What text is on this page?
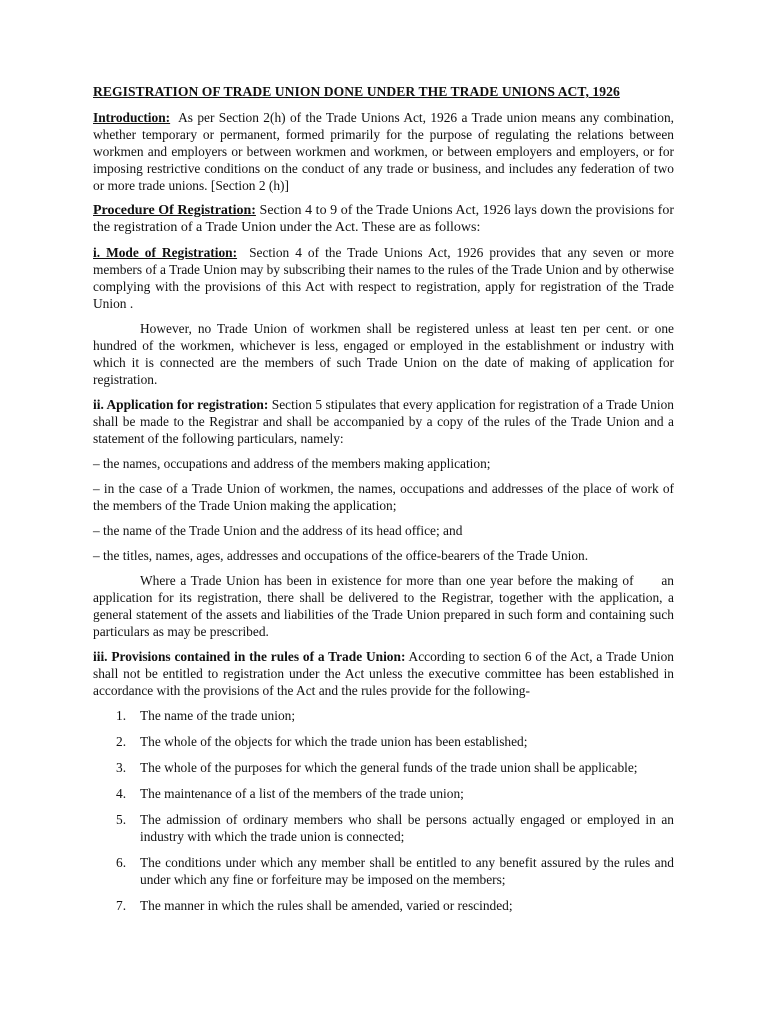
REGISTRATION OF TRADE UNION DONE UNDER THE TRADE UNIONS ACT, 1926

Introduction: As per Section 2(h) of the Trade Unions Act, 1926 a Trade union means any combination, whether temporary or permanent, formed primarily for the purpose of regulating the relations between workmen and employers or between workmen and workmen, or between employers and employers, or for imposing restrictive conditions on the conduct of any trade or business, and includes any federation of two or more trade unions. [Section 2 (h)]

Procedure Of Registration: Section 4 to 9 of the Trade Unions Act, 1926 lays down the provisions for the registration of a Trade Union under the Act. These are as follows:

i. Mode of Registration: Section 4 of the Trade Unions Act, 1926 provides that any seven or more members of a Trade Union may by subscribing their names to the rules of the Trade Union and by otherwise complying with the provisions of this Act with respect to registration, apply for registration of the Trade Union .

However, no Trade Union of workmen shall be registered unless at least ten per cent. or one hundred of the workmen, whichever is less, engaged or employed in the establishment or industry with which it is connected are the members of such Trade Union on the date of making of application for registration.

ii. Application for registration: Section 5 stipulates that every application for registration of a Trade Union shall be made to the Registrar and shall be accompanied by a copy of the rules of the Trade Union and a statement of the following particulars, namely:

– the names, occupations and address of the members making application;

– in the case of a Trade Union of workmen, the names, occupations and addresses of the place of work of the members of the Trade Union making the application;

– the name of the Trade Union and the address of its head office; and

– the titles, names, ages, addresses and occupations of the office-bearers of the Trade Union.

Where a Trade Union has been in existence for more than one year before the making of      an application for its registration, there shall be delivered to the Registrar, together with the application, a general statement of the assets and liabilities of the Trade Union prepared in such form and containing such particulars as may be prescribed.

iii. Provisions contained in the rules of a Trade Union: According to section 6 of the Act, a Trade Union shall not be entitled to registration under the Act unless the executive committee has been established in accordance with the provisions of the Act and the rules provide for the following-

1. The name of the trade union;
2. The whole of the objects for which the trade union has been established;
3. The whole of the purposes for which the general funds of the trade union shall be applicable;
4. The maintenance of a list of the members of the trade union;
5. The admission of ordinary members who shall be persons actually engaged or employed in an industry with which the trade union is connected;
6. The conditions under which any member shall be entitled to any benefit assured by the rules and under which any fine or forfeiture may be imposed on the members;
7. The manner in which the rules shall be amended, varied or rescinded;
